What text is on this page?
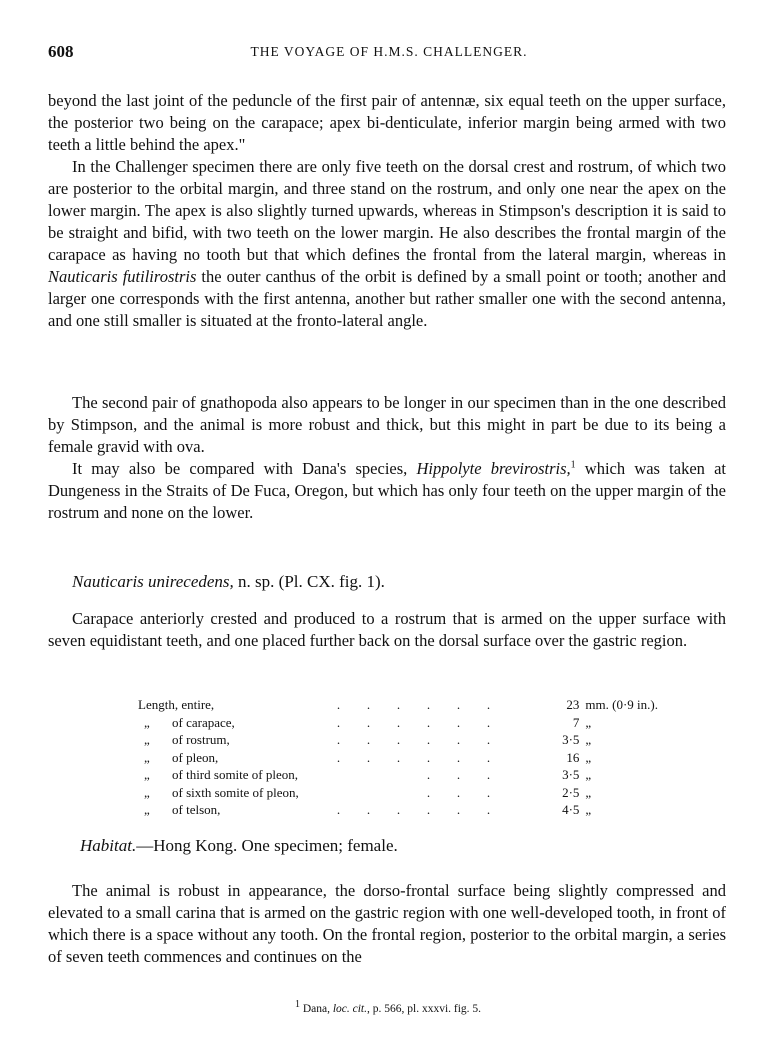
608	THE VOYAGE OF H.M.S. CHALLENGER.

beyond the last joint of the peduncle of the first pair of antennæ, six equal teeth on the upper surface, the posterior two being on the carapace; apex bi-denticulate, inferior margin being armed with two teeth a little behind the apex."

In the Challenger specimen there are only five teeth on the dorsal crest and rostrum, of which two are posterior to the orbital margin, and three stand on the rostrum, and only one near the apex on the lower margin. The apex is also slightly turned upwards, whereas in Stimpson's description it is said to be straight and bifid, with two teeth on the lower margin. He also describes the frontal margin of the carapace as having no tooth but that which defines the frontal from the lateral margin, whereas in Nauticaris futilirostris the outer canthus of the orbit is defined by a small point or tooth; another and larger one corresponds with the first antenna, another but rather smaller one with the second antenna, and one still smaller is situated at the fronto-lateral angle.

The second pair of gnathopoda also appears to be longer in our specimen than in the one described by Stimpson, and the animal is more robust and thick, but this might in part be due to its being a female gravid with ova.

It may also be compared with Dana's species, Hippolyte brevirostris,$^1$ which was taken at Dungeness in the Straits of De Fuca, Oregon, but which has only four teeth on the upper margin of the rostrum and none on the lower.

Nauticaris unirecedens, n. sp. (Pl. CX. fig. 1).

Carapace anteriorly crested and produced to a rostrum that is armed on the upper surface with seven equidistant teeth, and one placed further back on the dorsal surface over the gastric region.

Length, entire,	. . . . . .	23	mm. (0·9 in.).
„ of carapace,	. . . . . .	7	„
„ of rostrum,	. . . . . .	3·5	„
„ of pleon,	. . . . . .	16	„
„ of third somite of pleon,	. . .	3·5	„
„ of sixth somite of pleon,	. . .	2·5	„
„ of telson,	. . . . . .	4·5	„

Habitat.—Hong Kong. One specimen; female.

The animal is robust in appearance, the dorso-frontal surface being slightly compressed and elevated to a small carina that is armed on the gastric region with one well-developed tooth, in front of which there is a space without any tooth. On the frontal region, posterior to the orbital margin, a series of seven teeth commences and continues on the

$^1$ Dana, loc. cit., p. 566, pl. xxxvi. fig. 5.
